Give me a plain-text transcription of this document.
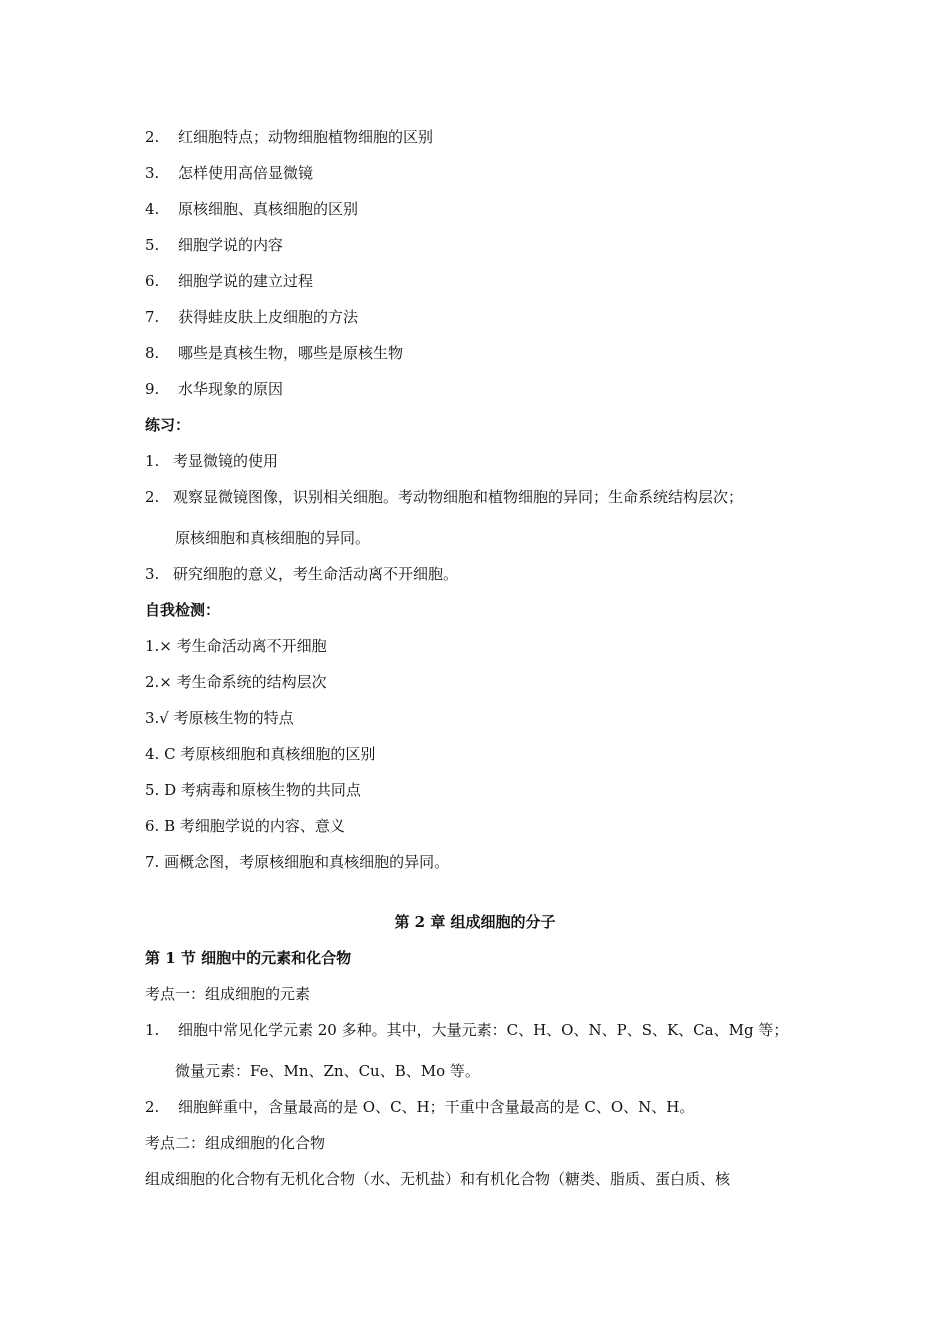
2. 红细胞特点；动物细胞植物细胞的区别
3. 怎样使用高倍显微镜
4. 原核细胞、真核细胞的区别
5. 细胞学说的内容
6. 细胞学说的建立过程
7. 获得蛙皮肤上皮细胞的方法
8. 哪些是真核生物，哪些是原核生物
9. 水华现象的原因
练习：
1. 考显微镜的使用
2. 观察显微镜图像，识别相关细胞。考动物细胞和植物细胞的异同；生命系统结构层次；
原核细胞和真核细胞的异同。
3. 研究细胞的意义，考生命活动离不开细胞。
自我检测：
1.× 考生命活动离不开细胞
2.× 考生命系统的结构层次
3.√ 考原核生物的特点
4. C 考原核细胞和真核细胞的区别
5. D 考病毒和原核生物的共同点
6. B 考细胞学说的内容、意义
7. 画概念图，考原核细胞和真核细胞的异同。
第 2 章 组成细胞的分子
第 1 节 细胞中的元素和化合物
考点一：组成细胞的元素
1. 细胞中常见化学元素 20 多种。其中，大量元素：C、H、O、N、P、S、K、Ca、Mg 等；
微量元素：Fe、Mn、Zn、Cu、B、Mo 等。
2. 细胞鲜重中，含量最高的是 O、C、H；干重中含量最高的是 C、O、N、H。
考点二：组成细胞的化合物
组成细胞的化合物有无机化合物（水、无机盐）和有机化合物（糖类、脂质、蛋白质、核
